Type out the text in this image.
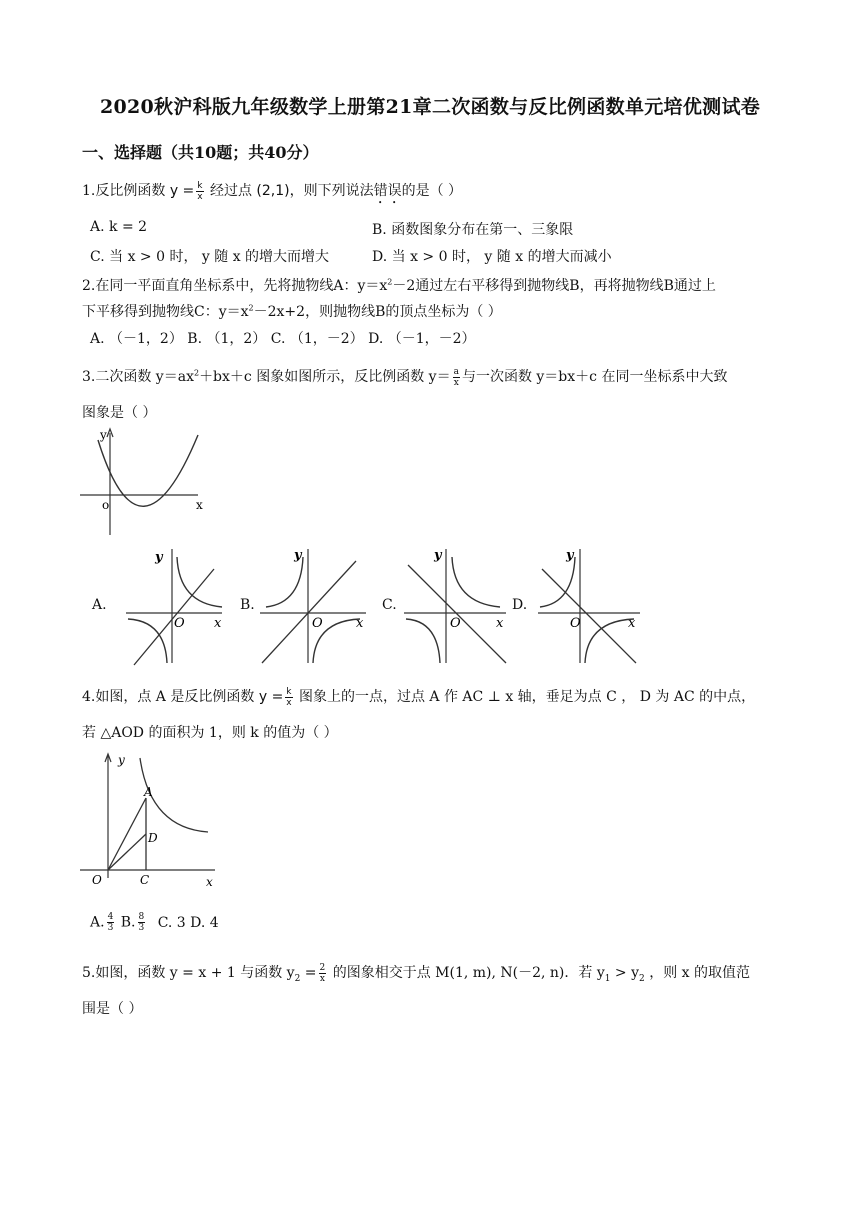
2020秋沪科版九年级数学上册第21章二次函数与反比例函数单元培优测试卷
一、选择题（共10题；共40分）
1.反比例函数 $y = \frac{k}{x}$ 经过点 (2,1)，则下列说法错误的是（ ）
A. k = 2	B. 函数图象分布在第一、三象限
C. 当 x > 0 时， y 随 x 的增大而增大	D. 当 x > 0 时， y 随 x 的增大而减小
2.在同一平面直角坐标系中，先将抛物线A：$y=x^2-2$通过左右平移得到抛物线B，再将抛物线B通过上
下平移得到抛物线C：$y=x^2-2x+2$，则抛物线B的顶点坐标为（ ）
A. （－1，2） B. （1，2） C. （1，－2） D. （－1，－2）
3.二次函数 $y=ax^2+bx+c$ 图象如图所示，反比例函数 $y= \frac{a}{x}$ 与一次函数 y＝bx＋c 在同一坐标系中大致
图象是（ ）
y
o	x
A.
y
O x
B.
y
O	x
C.
y
O	x
D.
y
O	x
4.如图，点 A 是反比例函数 $y = \frac{k}{x}$ 图象上的一点，过点 A 作 AC ⊥ x 轴，垂足为点 C ， D 为 AC 的中点，
若 △AOD 的面积为 1，则 k 的值为（ ）
y
A
D
O	C	x
A. $\frac{4}{3} B$. $\frac{8}{3} C$. 3 D. 4
5.如图，函数 y = x + 1 与函数 $y_2 = \frac{2}{x}$ 的图象相交于点 M(1, m), N(－2, n)．若 $y_1 > y_2$ ，则 x 的取值范
围是（ ）
